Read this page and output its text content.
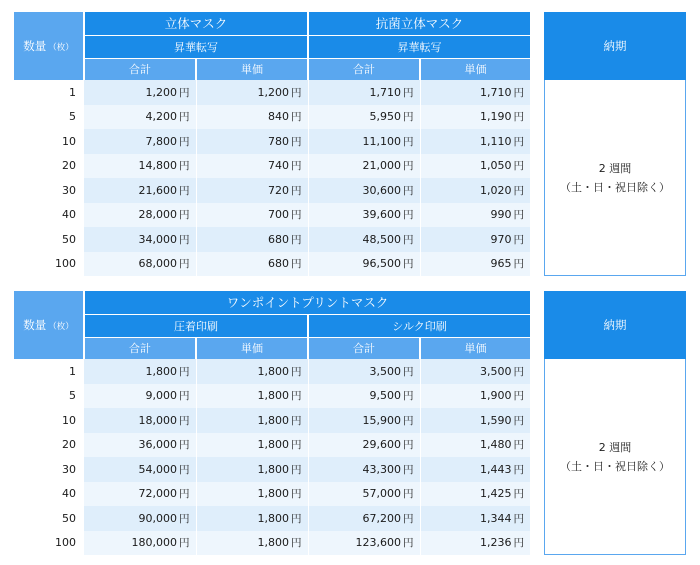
数量 （枚）	立体マスク		抗菌立体マスク	
	昇華転写		昇華転写	
	合計	単価	合計	単価
1	1,200 円	1,200 円	1,710 円	1,710 円
5	4,200 円	840 円	5,950 円	1,190 円
10	7,800 円	780 円	11,100 円	1,110 円
20	14,800 円	740 円	21,000 円	1,050 円
30	21,600 円	720 円	30,600 円	1,020 円
40	28,000 円	700 円	39,600 円	990 円
50	34,000 円	680 円	48,500 円	970 円
100	68,000 円	680 円	96,500 円	965 円
納期
2 週間
（土・日・祝日除く）
数量 （枚）	ワンポイントプリントマスク			
	圧着印刷		シルク印刷	
	合計	単価	合計	単価
1	1,800 円	1,800 円	3,500 円	3,500 円
5	9,000 円	1,800 円	9,500 円	1,900 円
10	18,000 円	1,800 円	15,900 円	1,590 円
20	36,000 円	1,800 円	29,600 円	1,480 円
30	54,000 円	1,800 円	43,300 円	1,443 円
40	72,000 円	1,800 円	57,000 円	1,425 円
50	90,000 円	1,800 円	67,200 円	1,344 円
100	180,000 円	1,800 円	123,600 円	1,236 円
納期
2 週間
（土・日・祝日除く）
